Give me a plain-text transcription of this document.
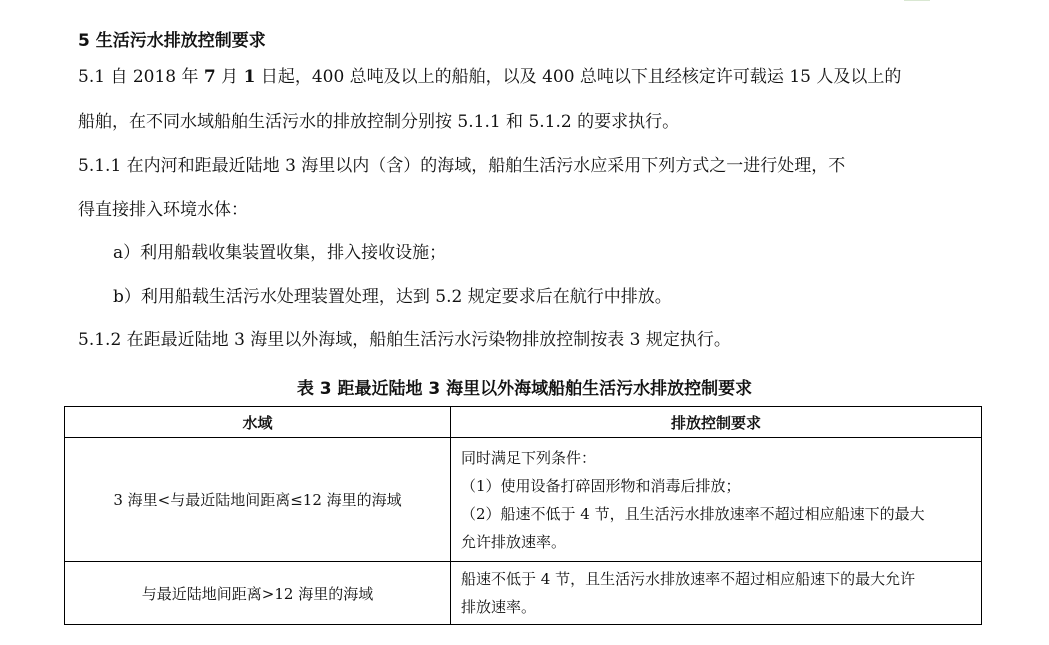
5 生活污水排放控制要求
5.1 自 2018 年 7 月 1 日起，400 总吨及以上的船舶，以及 400 总吨以下且经核定许可载运 15 人及以上的
船舶，在不同水域船舶生活污水的排放控制分别按 5.1.1 和 5.1.2 的要求执行。
5.1.1 在内河和距最近陆地 3 海里以内（含）的海域，船舶生活污水应采用下列方式之一进行处理，不
得直接排入环境水体：
a）利用船载收集装置收集，排入接收设施；
b）利用船载生活污水处理装置处理，达到 5.2 规定要求后在航行中排放。
5.1.2 在距最近陆地 3 海里以外海域，船舶生活污水污染物排放控制按表 3 规定执行。
表 3 距最近陆地 3 海里以外海域船舶生活污水排放控制要求
水域	排放控制要求
3 海里<与最近陆地间距离≤12 海里的海域	同时满足下列条件：
（1）使用设备打碎固形物和消毒后排放；
（2）船速不低于 4 节，且生活污水排放速率不超过相应船速下的最大
允许排放速率。

与最近陆地间距离>12 海里的海域	船速不低于 4 节，且生活污水排放速率不超过相应船速下的最大允许
排放速率。
